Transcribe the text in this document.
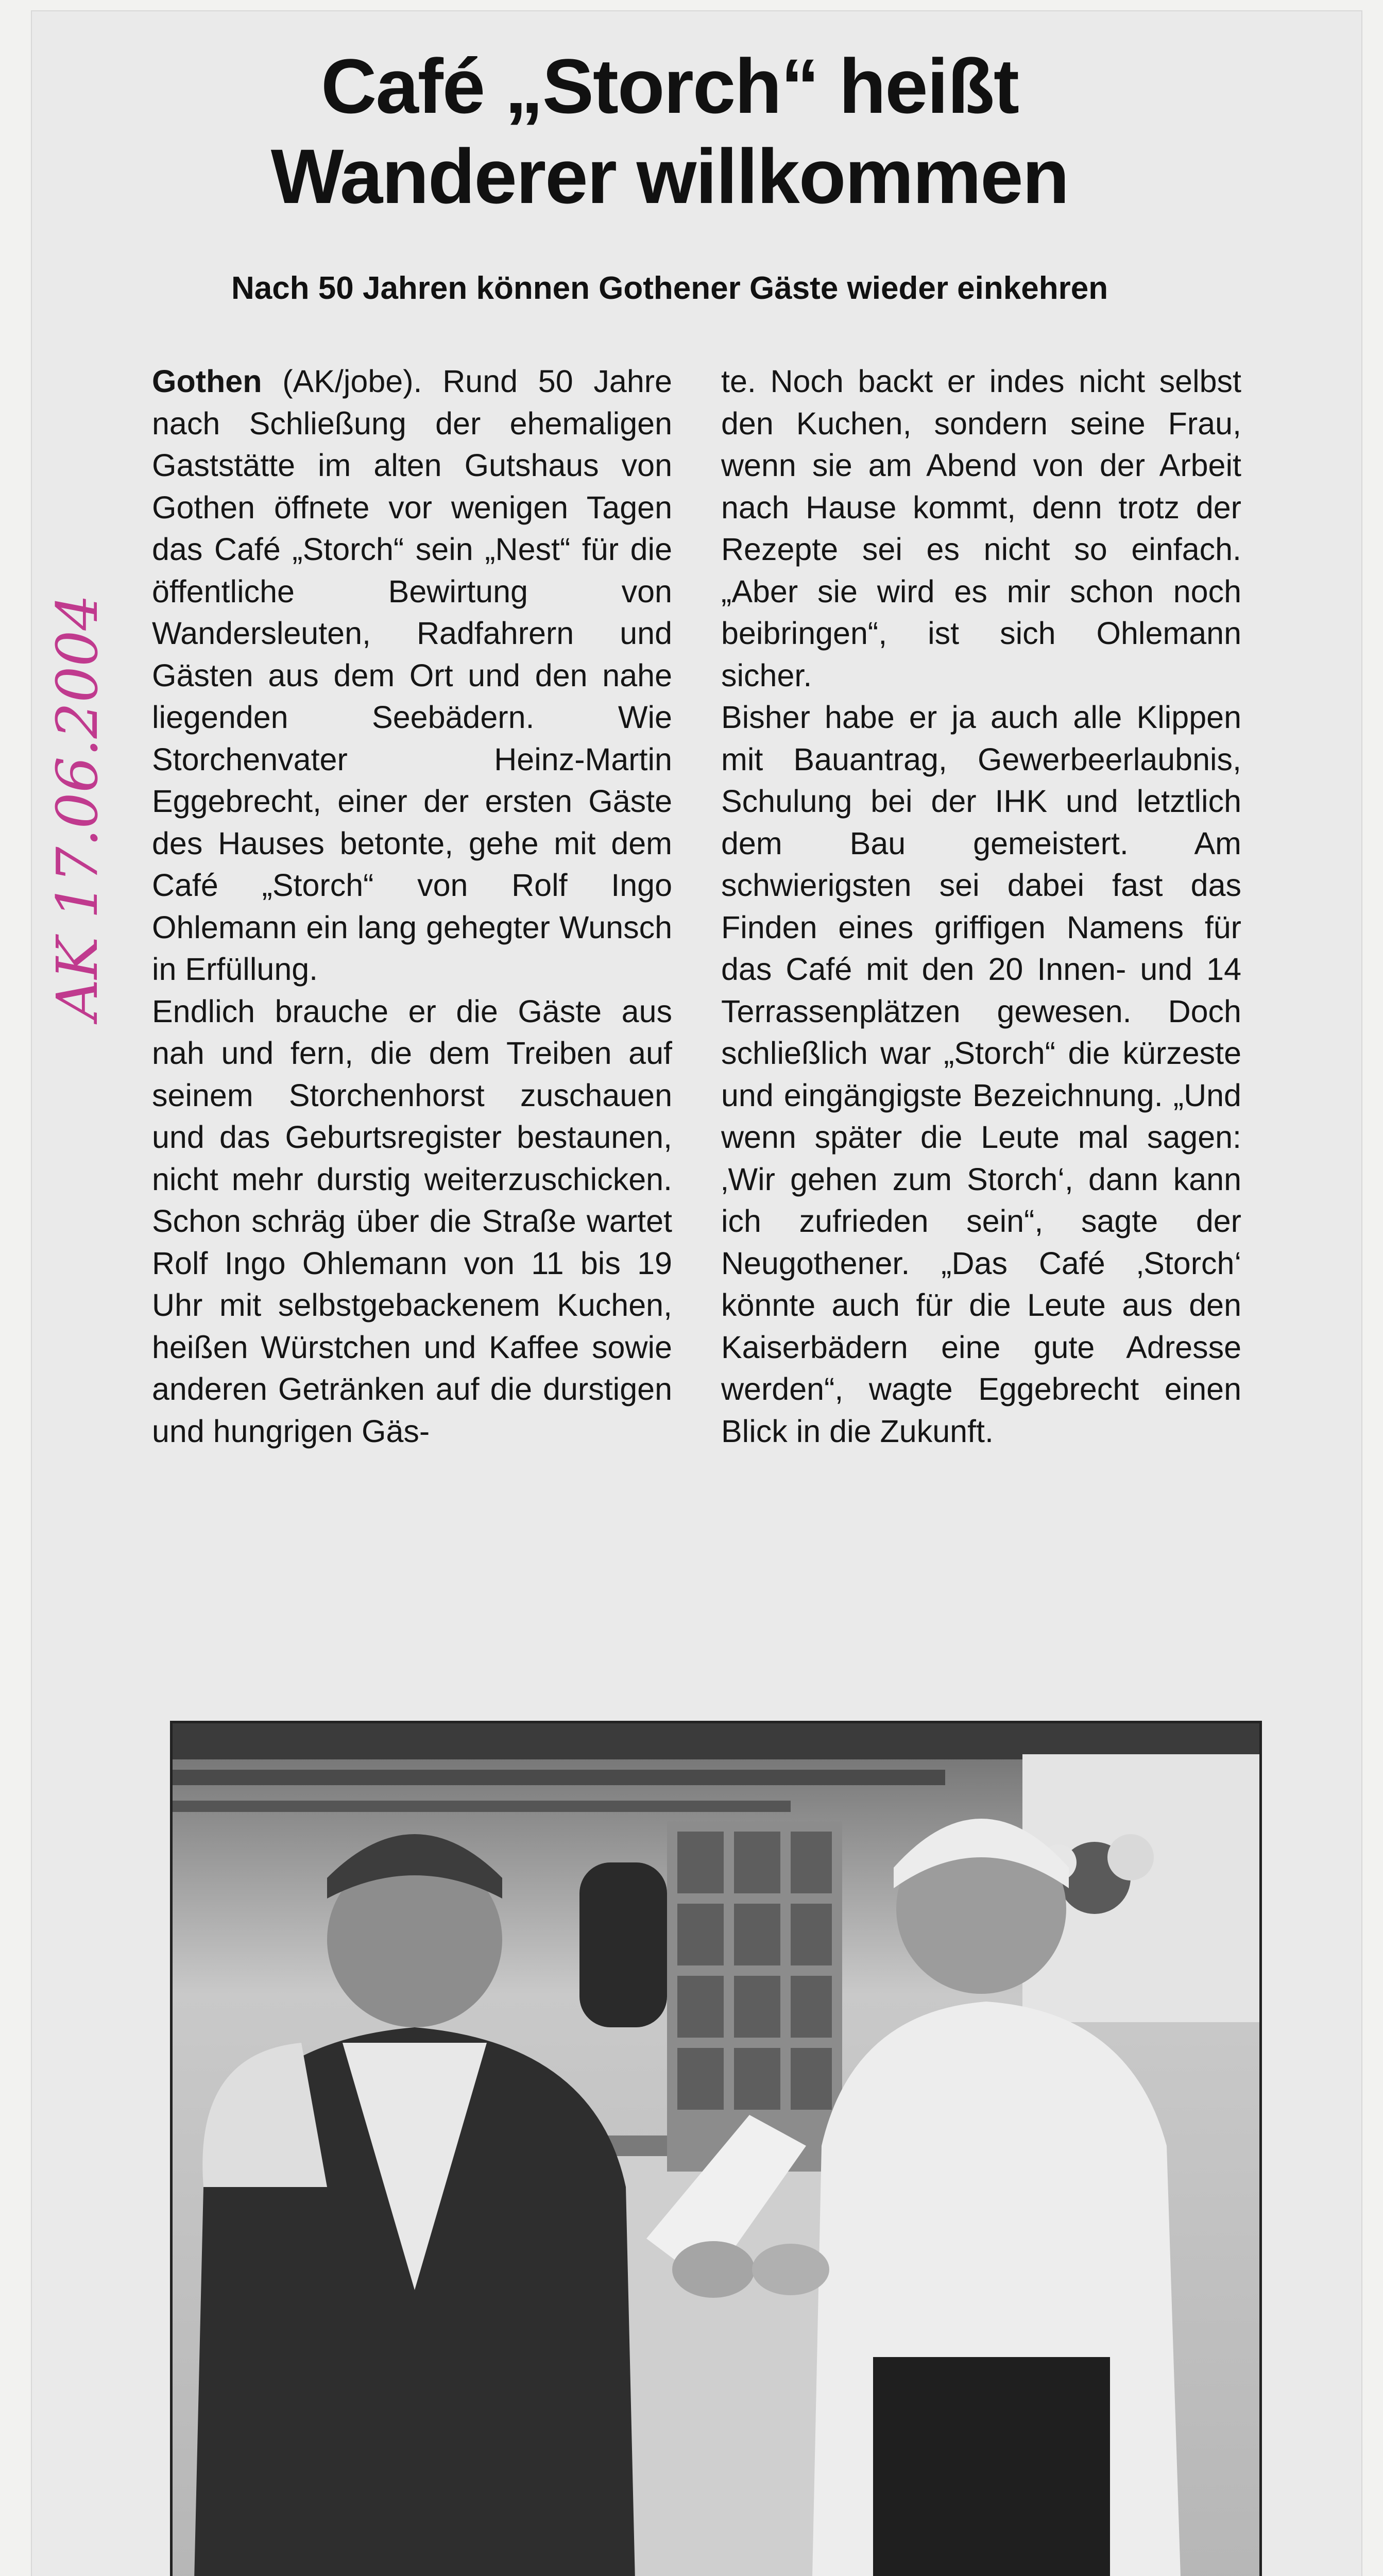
Café „Storch“ heißt
Wanderer willkommen
Nach 50 Jahren können Gothener Gäste wieder einkehren
AK 17.06.2004

Gothen (AK/jobe). Rund 50 Jahre nach Schließung der ehemaligen Gaststätte im alten Gutshaus von Gothen öffnete vor wenigen Tagen das Café „Storch“ sein „Nest“ für die öffentliche Bewirtung von Wandersleuten, Radfahrern und Gästen aus dem Ort und den nahe liegenden Seebädern. Wie Storchenvater Heinz-Martin Eggebrecht, einer der ersten Gäste des Hauses betonte, gehe mit dem Café „Storch“ von Rolf Ingo Ohlemann ein lang gehegter Wunsch in Erfüllung.

Endlich brauche er die Gäste aus nah und fern, die dem Treiben auf seinem Storchenhorst zuschauen und das Geburtsregister bestaunen, nicht mehr durstig weiterzuschicken. Schon schräg über die Straße wartet Rolf Ingo Ohlemann von 11 bis 19 Uhr mit selbstgebackenem Kuchen, heißen Würstchen und Kaffee sowie anderen Getränken auf die durstigen und hungrigen Gäs-

te. Noch backt er indes nicht selbst den Kuchen, sondern seine Frau, wenn sie am Abend von der Arbeit nach Hause kommt, denn trotz der Rezepte sei es nicht so einfach. „Aber sie wird es mir schon noch beibringen“, ist sich Ohlemann sicher.

Bisher habe er ja auch alle Klippen mit Bauantrag, Gewerbeerlaubnis, Schulung bei der IHK und letztlich dem Bau gemeistert. Am schwierigsten sei dabei fast das Finden eines griffigen Namens für das Café mit den 20 Innen- und 14 Terrassenplätzen gewesen. Doch schließlich war „Storch“ die kürzeste und eingängigste Bezeichnung. „Und wenn später die Leute mal sagen: ‚Wir gehen zum Storch‘, dann kann ich zufrieden sein“, sagte der Neugothener. „Das Café ‚Storch‘ könnte auch für die Leute aus den Kaiserbädern eine gute Adresse werden“, wagte Eggebrecht einen Blick in die Zukunft.
